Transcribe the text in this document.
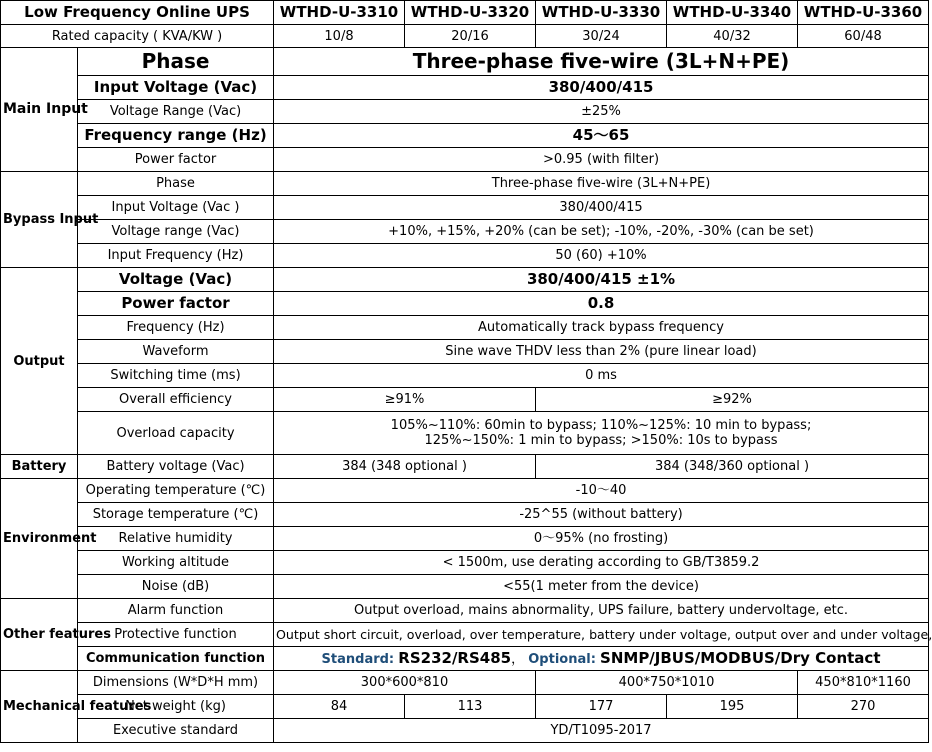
Low Frequency Online UPS		WTHD-U-3310	WTHD-U-3320	WTHD-U-3330	WTHD-U-3340	WTHD-U-3360
Rated capacity ( KVA/KW )		10/8	20/16	30/24	40/32	60/48
Main Input	Phase	Three-phase five-wire (3L+N+PE)				
	Input Voltage (Vac)	380/400/415				
	Voltage Range (Vac)	±25%				
	Frequency range (Hz)	45～65				
	Power factor	>0.95 (with filter)				
Bypass Input	Phase	Three-phase five-wire (3L+N+PE)				
	Input Voltage (Vac )	380/400/415				
	Voltage range (Vac)	+10%, +15%, +20% (can be set); -10%, -20%, -30% (can be set)				
	Input Frequency (Hz)	50 (60) +10%				
Output	Voltage (Vac)	380/400/415 ±1%				
	Power factor	0.8				
	Frequency (Hz)	Automatically track bypass frequency				
	Waveform	Sine wave THDV less than 2% (pure linear load)				
	Switching time (ms)	0 ms				
	Overall efficiency	≥91%		≥92%		
	Overload capacity	105%~110%: 60min to bypass; 110%~125%: 10 min to bypass;
125%~150%: 1 min to bypass; >150%: 10s to bypass				

Battery	Battery voltage (Vac)	384 (348 optional )		384 (348/360 optional )		
Environment	Operating temperature (℃)	-10～40				
	Storage temperature (℃)	-25^55 (without battery)				
	Relative humidity	0～95% (no frosting)				
	Working altitude	< 1500m, use derating according to GB/T3859.2				
	Noise (dB)	<55(1 meter from the device)				
Other features	Alarm function	Output overload, mains abnormality, UPS failure, battery undervoltage, etc.				
	Protective function	Output short circuit, overload, over temperature, battery under voltage, output over and under voltage,				
	Communication function	Standard: RS232/RS485， Optional: SNMP/JBUS/MODBUS/Dry Contact				
Mechanical features	Dimensions (W*D*H mm)	300*600*810		400*750*1010		450*810*1160
	Net weight (kg)	84	113	177	195	270
	Executive standard	YD/T1095-2017				
